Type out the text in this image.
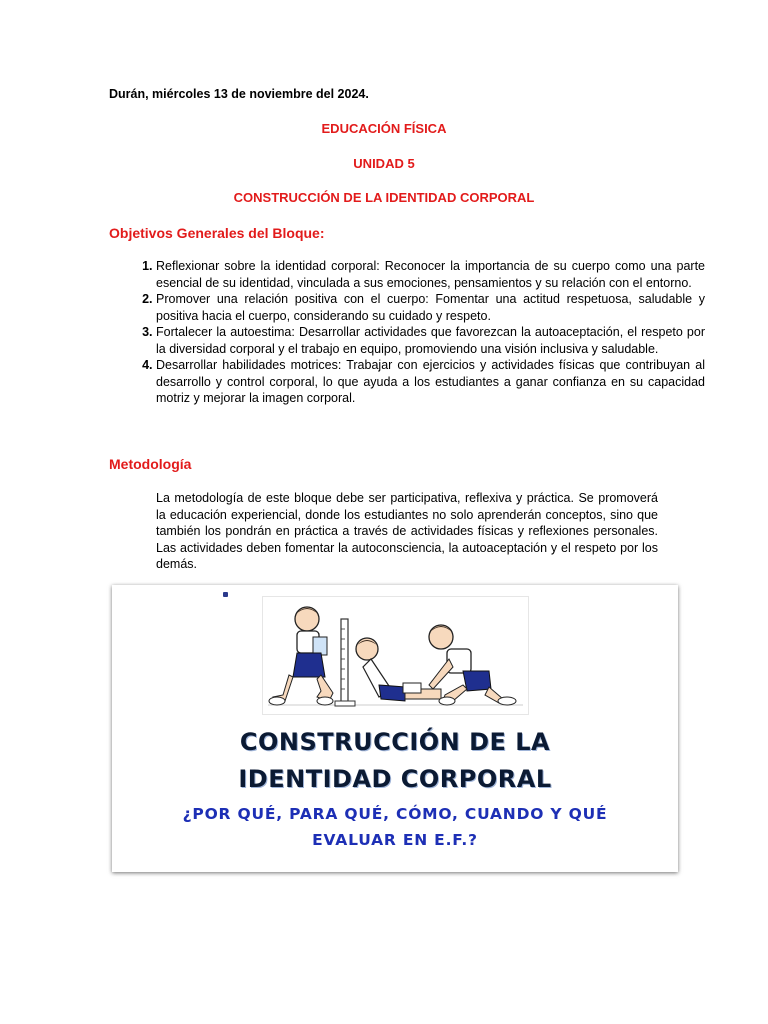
Durán, miércoles 13 de noviembre del 2024.
EDUCACIÓN FÍSICA
UNIDAD 5
CONSTRUCCIÓN DE LA IDENTIDAD CORPORAL
Objetivos Generales del Bloque:
1. Reflexionar sobre la identidad corporal: Reconocer la importancia de su cuerpo como una parte esencial de su identidad, vinculada a sus emociones, pensamientos y su relación con el entorno.
2. Promover una relación positiva con el cuerpo: Fomentar una actitud respetuosa, saludable y positiva hacia el cuerpo, considerando su cuidado y respeto.
3. Fortalecer la autoestima: Desarrollar actividades que favorezcan la autoaceptación, el respeto por la diversidad corporal y el trabajo en equipo, promoviendo una visión inclusiva y saludable.
4. Desarrollar habilidades motrices: Trabajar con ejercicios y actividades físicas que contribuyan al desarrollo y control corporal, lo que ayuda a los estudiantes a ganar confianza en su capacidad motriz y mejorar la imagen corporal.
Metodología

La metodología de este bloque debe ser participativa, reflexiva y práctica. Se promoverá la educación experiencial, donde los estudiantes no solo aprenderán conceptos, sino que también los pondrán en práctica a través de actividades físicas y reflexiones personales. Las actividades deben fomentar la autoconsciencia, la autoaceptación y el respeto por los demás.

CONSTRUCCIÓN DE LA
IDENTIDAD CORPORAL
¿POR QUÉ, PARA QUÉ, CÓMO, CUANDO Y QUÉ
EVALUAR EN E.F.?
